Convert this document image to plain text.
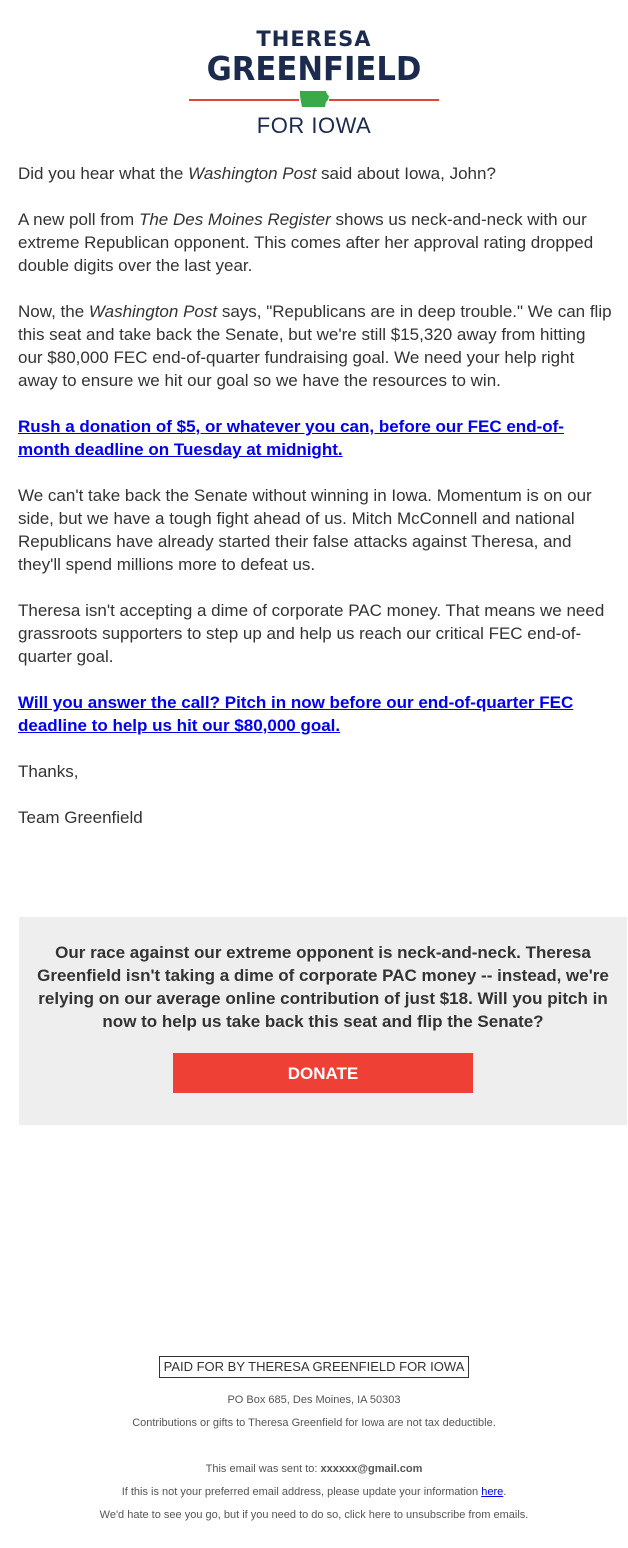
THERESA
GREENFIELD
FOR IOWA

Did you hear what the Washington Post said about Iowa, John?

A new poll from The Des Moines Register shows us neck-and-neck with our extreme Republican opponent. This comes after her approval rating dropped double digits over the last year.

Now, the Washington Post says, "Republicans are in deep trouble." We can flip this seat and take back the Senate, but we're still $15,320 away from hitting our $80,000 FEC end-of-quarter fundraising goal. We need your help right away to ensure we hit our goal so we have the resources to win.

Rush a donation of $5, or whatever you can, before our FEC end-of-month deadline on Tuesday at midnight.

We can't take back the Senate without winning in Iowa. Momentum is on our side, but we have a tough fight ahead of us. Mitch McConnell and national Republicans have already started their false attacks against Theresa, and they'll spend millions more to defeat us.

Theresa isn't accepting a dime of corporate PAC money. That means we need grassroots supporters to step up and help us reach our critical FEC end-of-quarter goal.

Will you answer the call? Pitch in now before our end-of-quarter FEC deadline to help us hit our $80,000 goal.

Thanks,

Team Greenfield

Our race against our extreme opponent is neck-and-neck. Theresa Greenfield isn't taking a dime of corporate PAC money -- instead, we're relying on our average online contribution of just $18. Will you pitch in now to help us take back this seat and flip the Senate?

DONATE
PAID FOR BY THERESA GREENFIELD FOR IOWA
PO Box 685, Des Moines, IA 50303
Contributions or gifts to Theresa Greenfield for Iowa are not tax deductible.
This email was sent to: xxxxxx@gmail.com
If this is not your preferred email address, please update your information here.
We'd hate to see you go, but if you need to do so, click here to unsubscribe from emails.
